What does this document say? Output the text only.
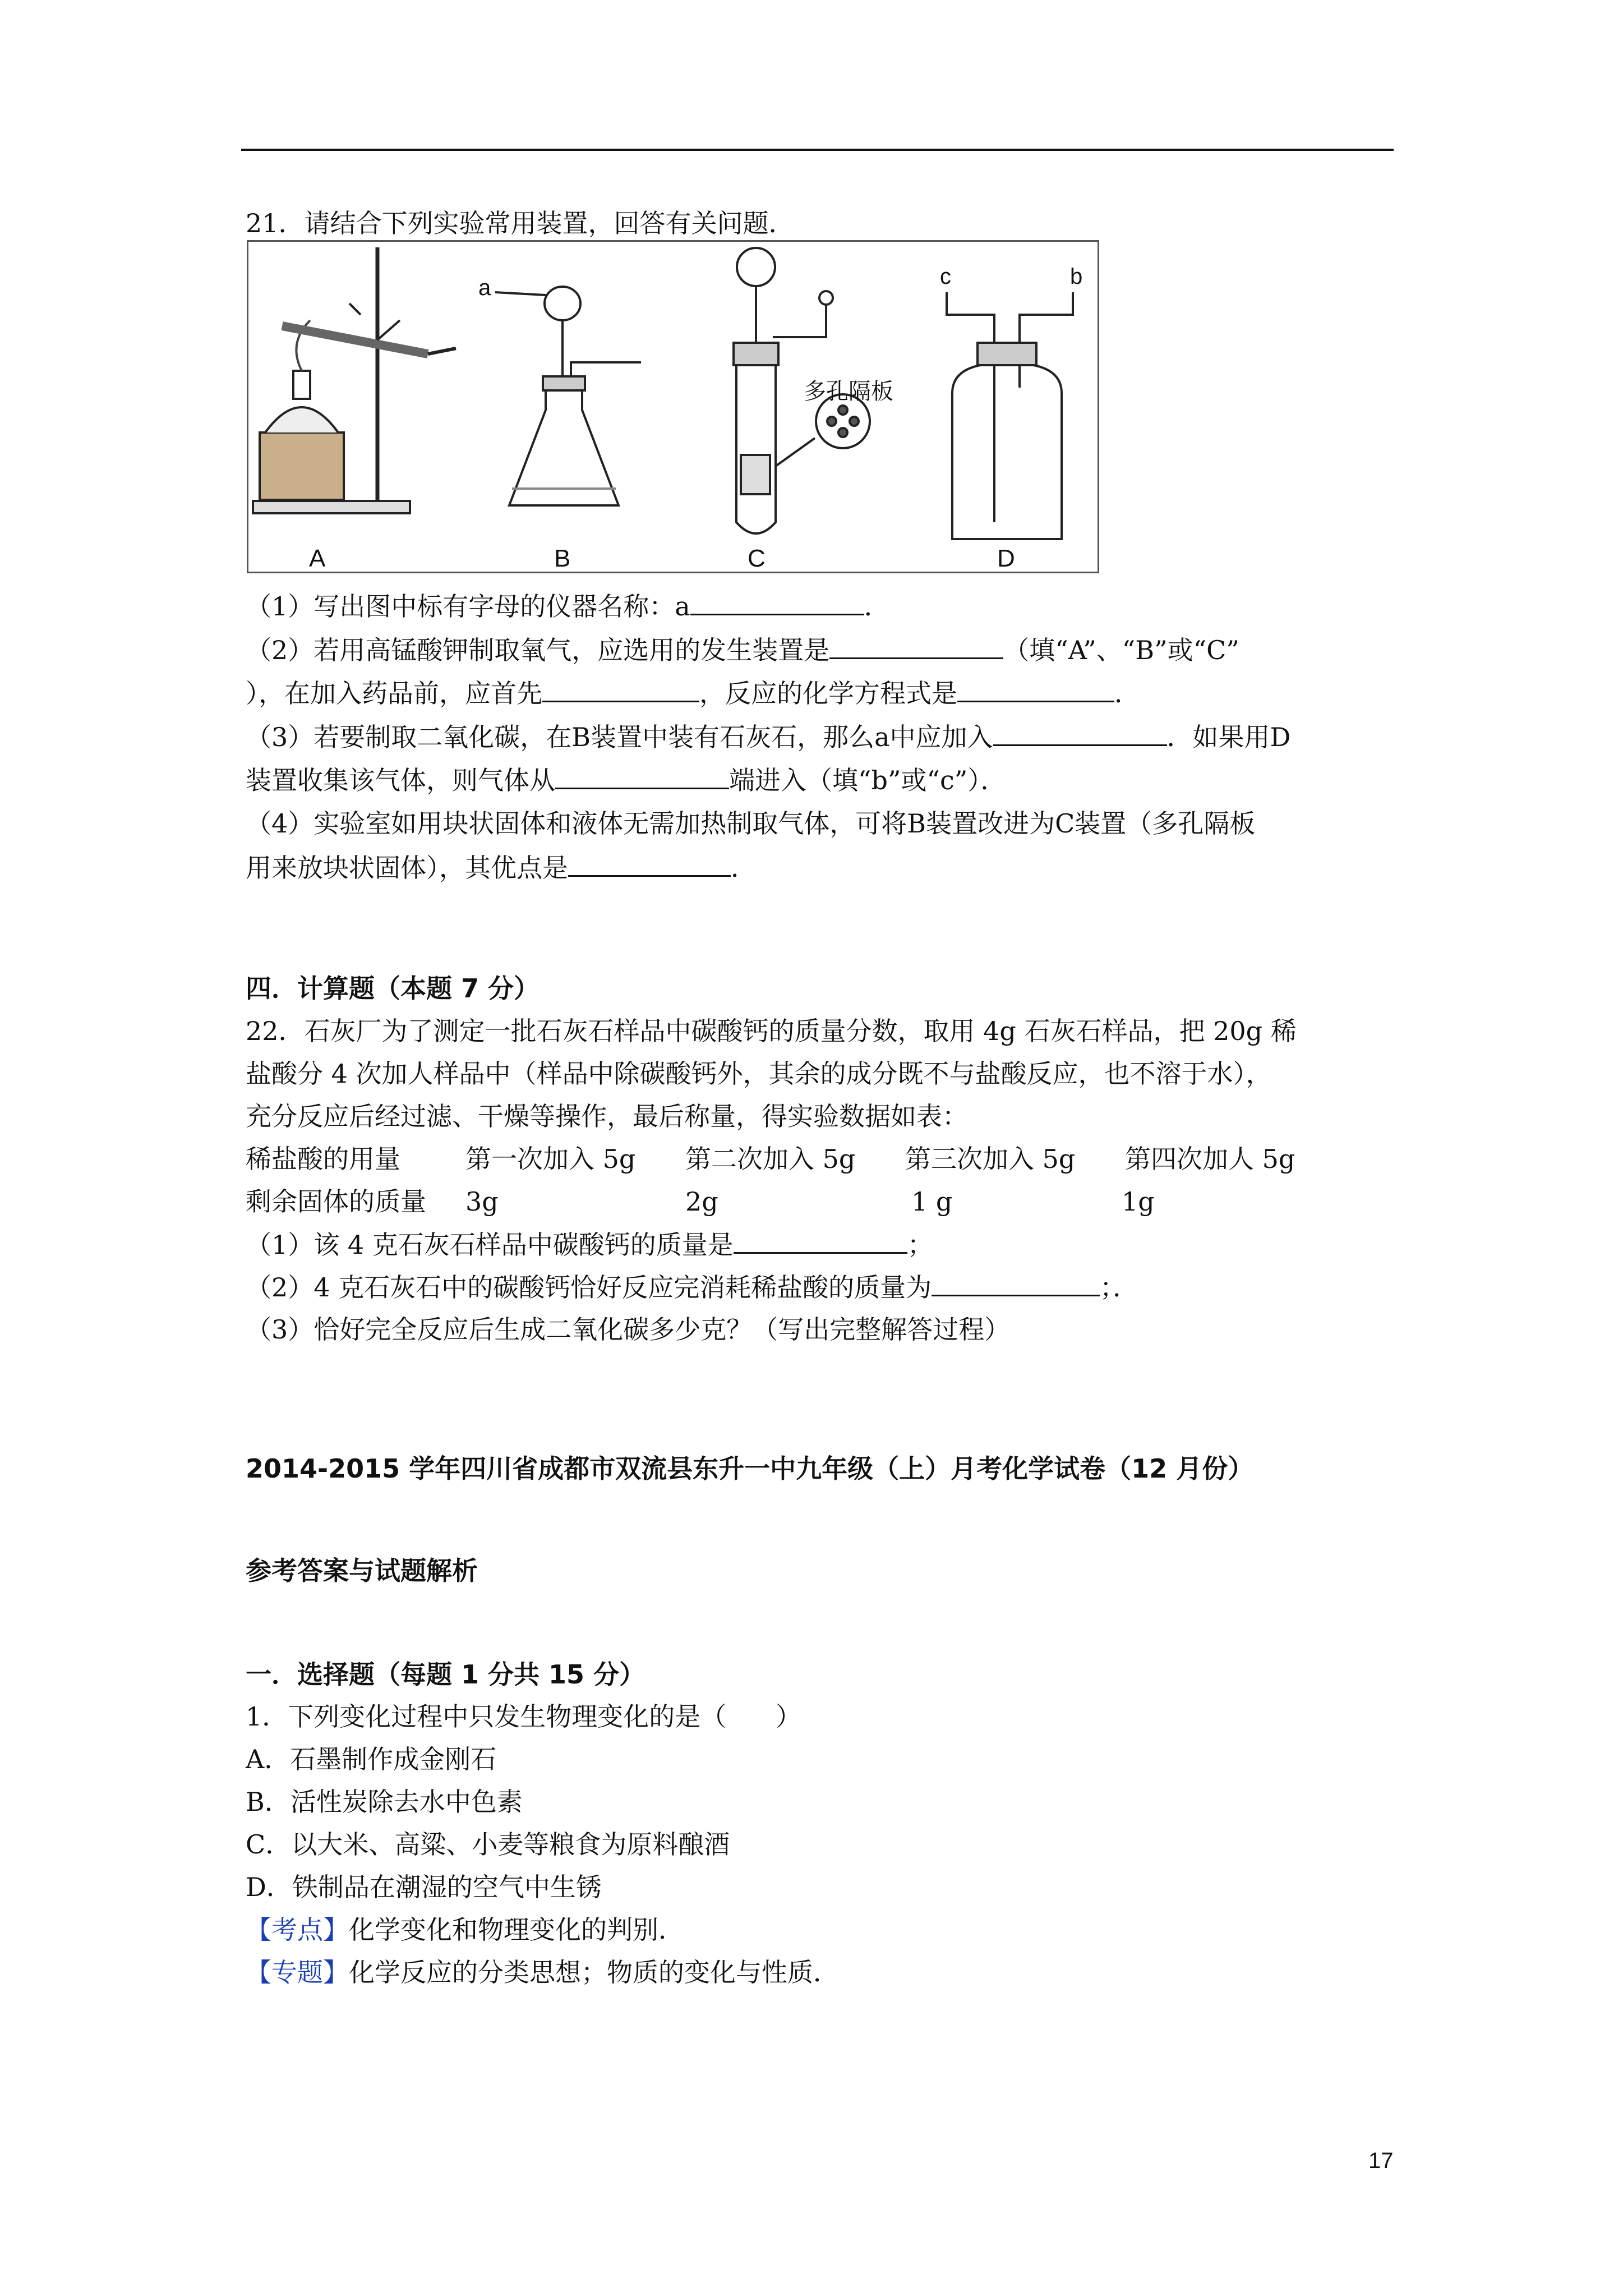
21．请结合下列实验常用装置，回答有关问题．
A	B	C	D
a	b
c
多孔隔板
（1）写出图中标有字母的仪器名称：a	．
（2）若用高锰酸钾制取氧气，应选用的发生装置是	（填“A”、“B”或“C”
），在加入药品前，应首先	，反应的化学方程式是	．
（3）若要制取二氧化碳，在B装置中装有石灰石，那么a中应加入	．如果用D
装置收集该气体，则气体从	端进入（填“b”或“c”）．
（4）实验室如用块状固体和液体无需加热制取气体，可将B装置改进为C装置（多孔隔板
用来放块状固体），其优点是	．
四．计算题（本题 7 分）
22．石灰厂为了测定一批石灰石样品中碳酸钙的质量分数，取用 4g 石灰石样品，把 20g 稀
盐酸分 4 次加人样品中（样品中除碳酸钙外，其余的成分既不与盐酸反应，也不溶于水），
充分反应后经过滤、干燥等操作，最后称量，得实验数据如表：
稀盐酸的用量	第一次加入 5g 第二次加入 5g 第三次加入 5g 第四次加人 5g
剩余固体的质量 3g	2g	1 g	1g
（1）该 4 克石灰石样品中碳酸钙的质量是	；
（2）4 克石灰石中的碳酸钙恰好反应完消耗稀盐酸的质量为	；．
（3）恰好完全反应后生成二氧化碳多少克？（写出完整解答过程）
2014-2015 学年四川省成都市双流县东升一中九年级（上）月考化学试卷（12 月份）
参考答案与试题解析
一．选择题（每题 1 分共 15 分）
1．下列变化过程中只发生物理变化的是（      ）
A．石墨制作成金刚石
B．活性炭除去水中色素
C．以大米、高粱、小麦等粮食为原料酿酒
D．铁制品在潮湿的空气中生锈
【考点】化学变化和物理变化的判别．
【专题】化学反应的分类思想；物质的变化与性质．
17
